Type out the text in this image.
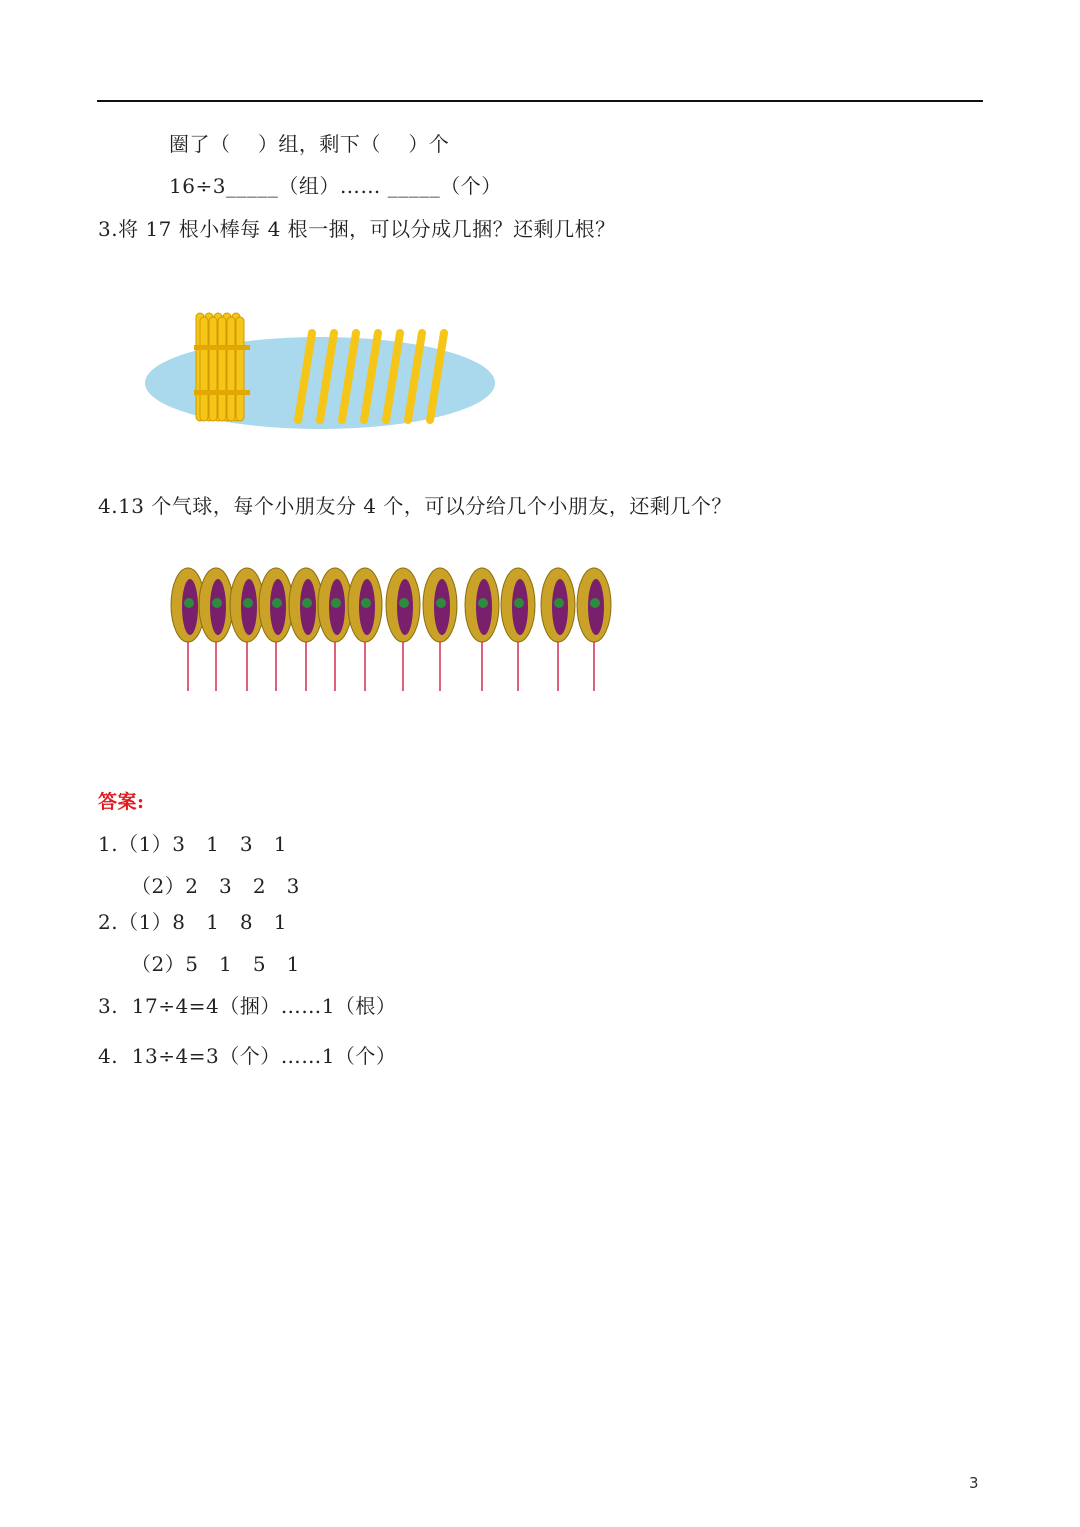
圈了（    ）组，剩下（    ）个
16÷3_____（组）…… _____（个）
3.将 17 根小棒每 4 根一捆，可以分成几捆？还剩几根？
4.13 个气球，每个小朋友分 4 个，可以分给几个小朋友，还剩几个？
答案:
1.（1）3   1   3   1
（2）2   3   2   3
2.（1）8   1   8   1
（2）5   1   5   1
3.  17÷4=4（捆）……1（根）
4.  13÷4=3（个）……1（个）
3
